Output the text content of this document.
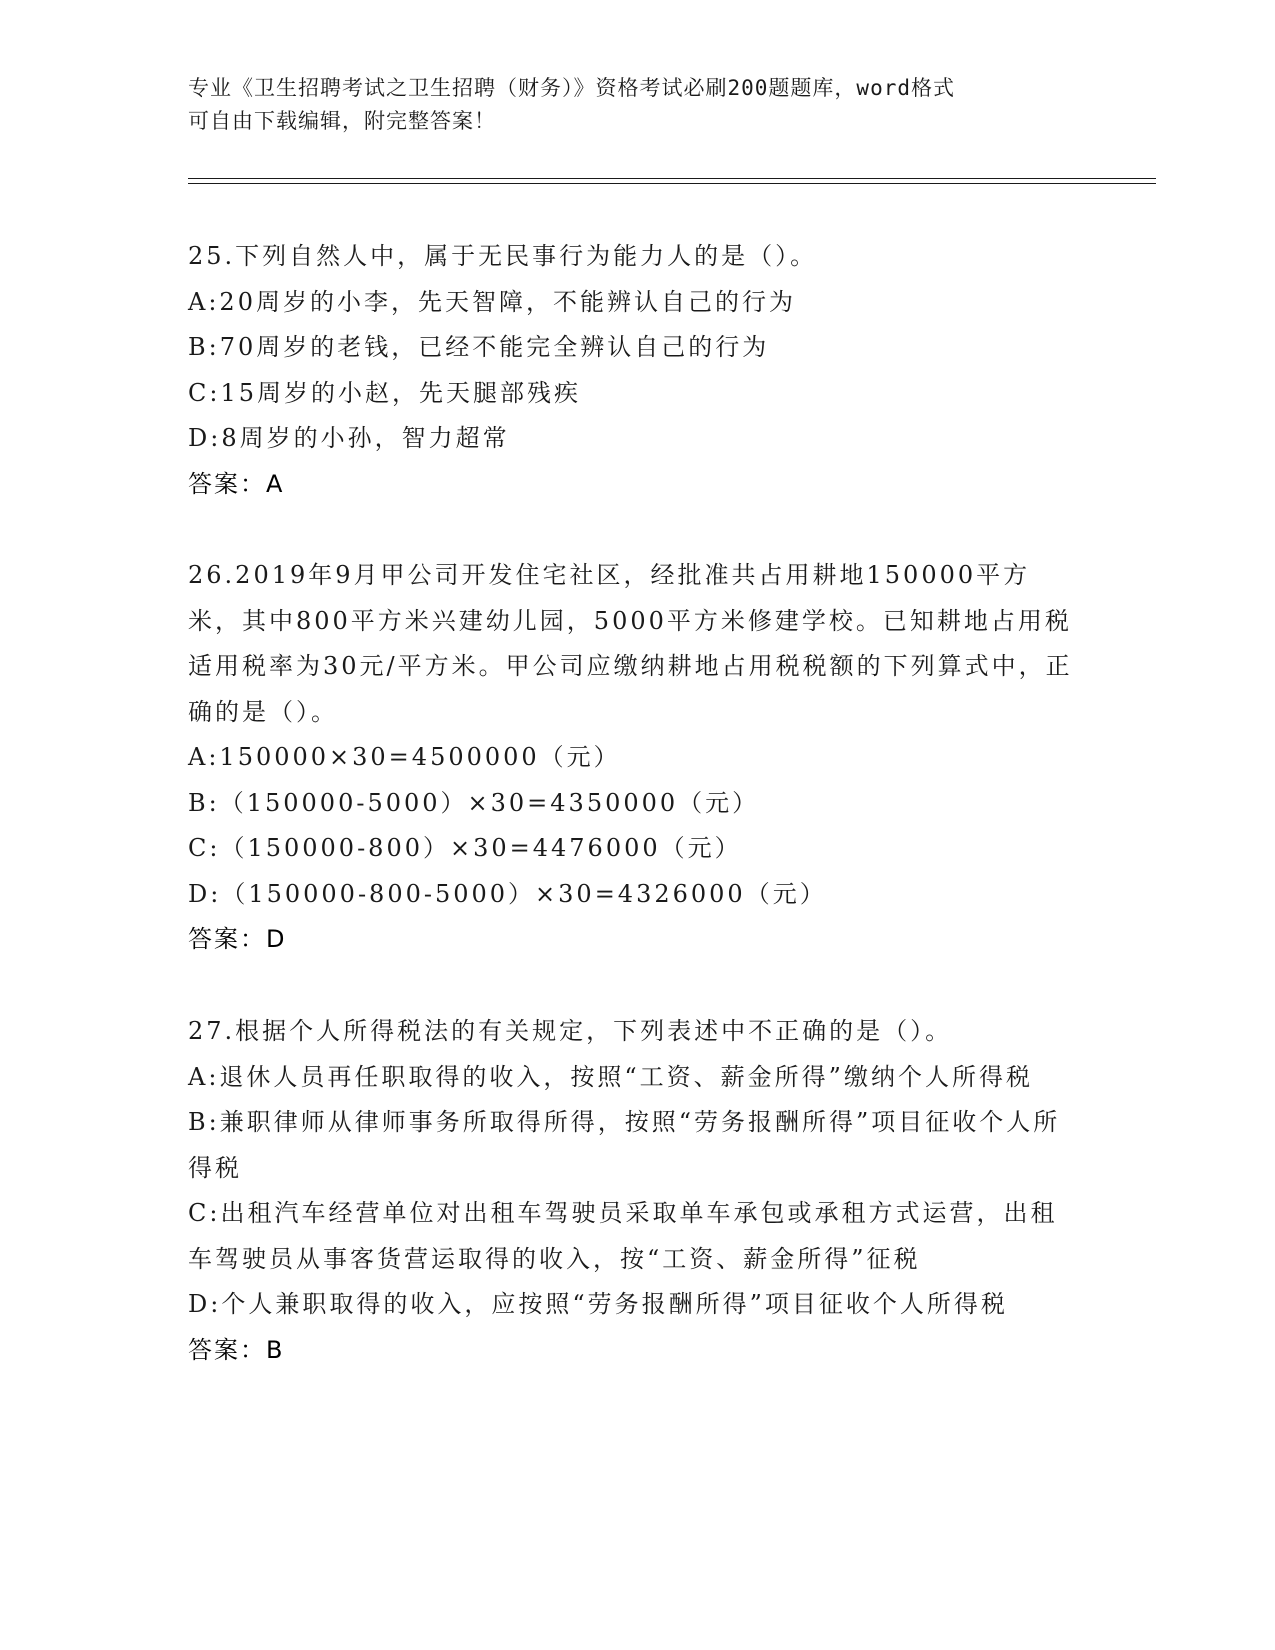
专业《卫生招聘考试之卫生招聘（财务）》资格考试必刷200题题库，word格式
可自由下载编辑，附完整答案！

25.下列自然人中，属于无民事行为能力人的是（）。

A:20周岁的小李，先天智障，不能辨认自己的行为

B:70周岁的老钱，已经不能完全辨认自己的行为

C:15周岁的小赵，先天腿部残疾

D:8周岁的小孙，智力超常

答案：A

26.2019年9月甲公司开发住宅社区，经批准共占用耕地150000平方米，其中800平方米兴建幼儿园，5000平方米修建学校。已知耕地占用税适用税率为30元/平方米。甲公司应缴纳耕地占用税税额的下列算式中，正确的是（）。

A:150000×30=4500000（元）

B:（150000-5000）×30=4350000（元）

C:（150000-800）×30=4476000（元）

D:（150000-800-5000）×30=4326000（元）

答案：D

27.根据个人所得税法的有关规定，下列表述中不正确的是（）。

A:退休人员再任职取得的收入，按照“工资、薪金所得”缴纳个人所得税

B:兼职律师从律师事务所取得所得，按照“劳务报酬所得”项目征收个人所得税

C:出租汽车经营单位对出租车驾驶员采取单车承包或承租方式运营，出租车驾驶员从事客货营运取得的收入，按“工资、薪金所得”征税

D:个人兼职取得的收入，应按照“劳务报酬所得”项目征收个人所得税

答案：B
